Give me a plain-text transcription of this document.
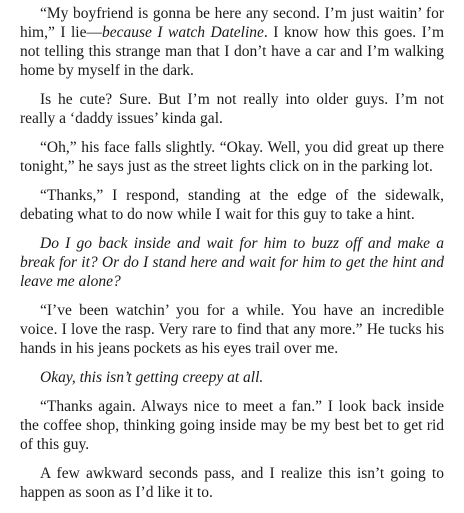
“My boyfriend is gonna be here any second. I’m just waitin’ for him,” I lie—because I watch Dateline. I know how this goes. I’m not telling this strange man that I don’t have a car and I’m walking home by myself in the dark.

Is he cute? Sure. But I’m not really into older guys. I’m not really a ‘daddy issues’ kinda gal.

“Oh,” his face falls slightly. “Okay. Well, you did great up there tonight,” he says just as the street lights click on in the parking lot.

“Thanks,” I respond, standing at the edge of the sidewalk, debating what to do now while I wait for this guy to take a hint.

Do I go back inside and wait for him to buzz off and make a break for it? Or do I stand here and wait for him to get the hint and leave me alone?

“I’ve been watchin’ you for a while. You have an incredible voice. I love the rasp. Very rare to find that any more.” He tucks his hands in his jeans pockets as his eyes trail over me.

Okay, this isn’t getting creepy at all.

“Thanks again. Always nice to meet a fan.” I look back inside the coffee shop, thinking going inside may be my best bet to get rid of this guy.

A few awkward seconds pass, and I realize this isn’t going to happen as soon as I’d like it to.
